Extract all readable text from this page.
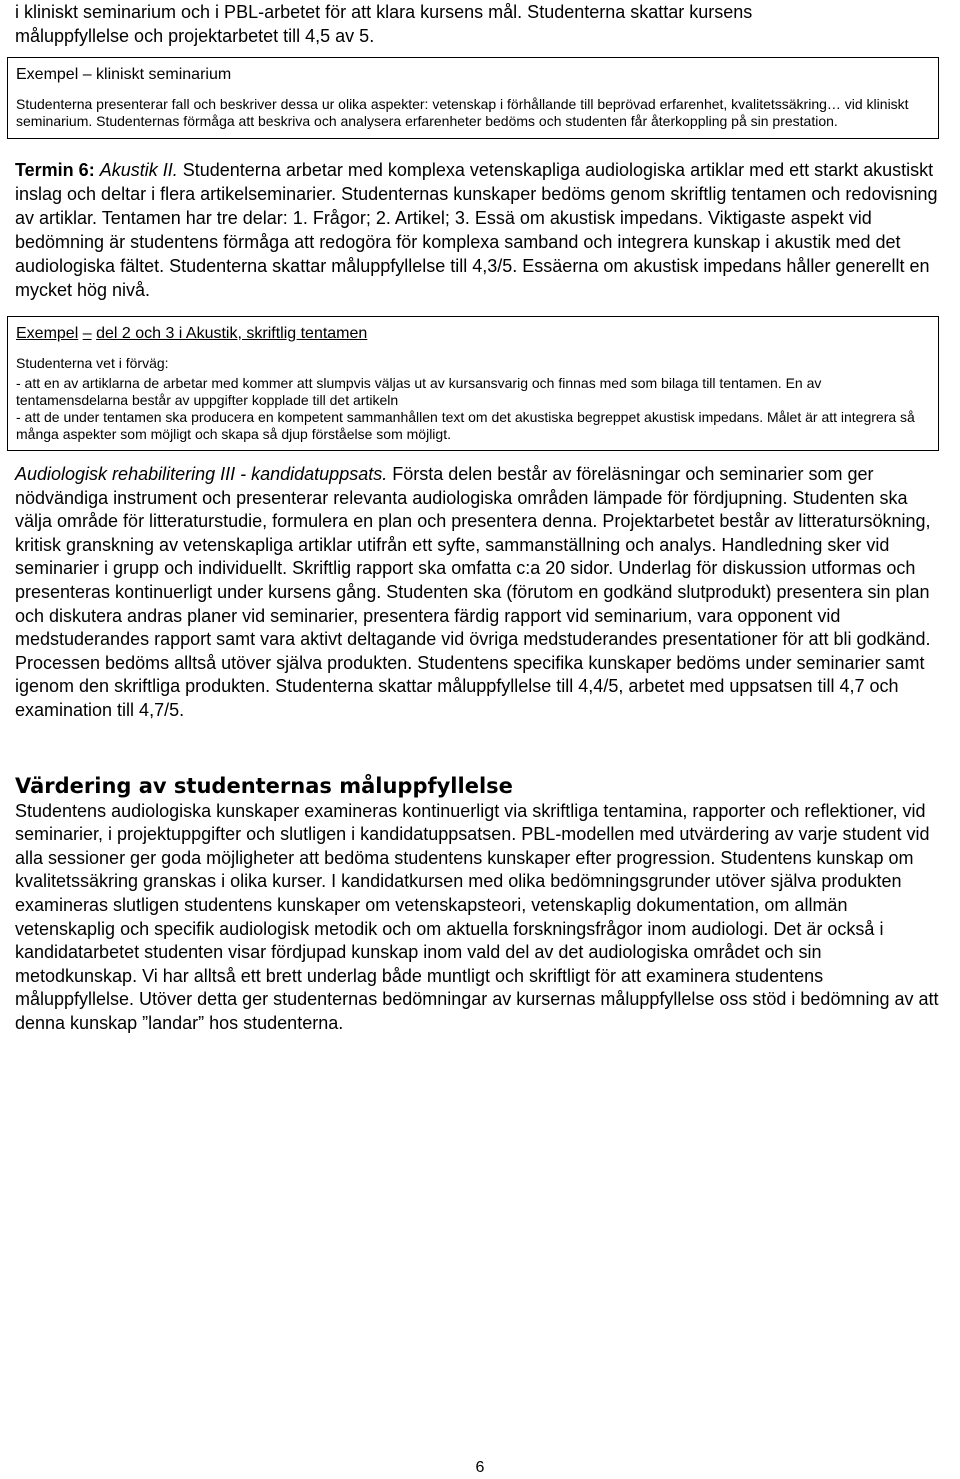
i kliniskt seminarium och i PBL-arbetet för att klara kursens mål. Studenterna skattar kursens
måluppfyllelse och projektarbetet till 4,5 av 5.

Exempel – kliniskt seminarium

Studenterna presenterar fall och beskriver dessa ur olika aspekter: vetenskap i förhållande till beprövad erfarenhet, kvalitetssäkring… vid kliniskt seminarium. Studenternas förmåga att beskriva och analysera erfarenheter bedöms och studenten får återkoppling på sin prestation.

Termin 6: Akustik II. Studenterna arbetar med komplexa vetenskapliga audiologiska artiklar med ett starkt akustiskt inslag och deltar i flera artikelseminarier. Studenternas kunskaper bedöms genom skriftlig tentamen och redovisning av artiklar. Tentamen har tre delar: 1. Frågor; 2. Artikel; 3. Essä om akustisk impedans. Viktigaste aspekt vid bedömning är studentens förmåga att redogöra för komplexa samband och integrera kunskap i akustik med det audiologiska fältet. Studenterna skattar måluppfyllelse till 4,3/5. Essäerna om akustisk impedans håller generellt en mycket hög nivå.

Exempel – del 2 och 3 i Akustik, skriftlig tentamen

Studenterna vet i förväg:

- att en av artiklarna de arbetar med kommer att slumpvis väljas ut av kursansvarig och finnas med som bilaga till tentamen. En av tentamensdelarna består av uppgifter kopplade till det artikeln

- att de under tentamen ska producera en kompetent sammanhållen text om det akustiska begreppet akustisk impedans. Målet är att integrera så många aspekter som möjligt och skapa så djup förståelse som möjligt.

Audiologisk rehabilitering III - kandidatuppsats. Första delen består av föreläsningar och seminarier som ger nödvändiga instrument och presenterar relevanta audiologiska områden lämpade för fördjupning. Studenten ska välja område för litteraturstudie, formulera en plan och presentera denna. Projektarbetet består av litteratursökning, kritisk granskning av vetenskapliga artiklar utifrån ett syfte, sammanställning och analys. Handledning sker vid seminarier i grupp och individuellt. Skriftlig rapport ska omfatta c:a 20 sidor. Underlag för diskussion utformas och presenteras kontinuerligt under kursens gång. Studenten ska (förutom en godkänd slutprodukt) presentera sin plan och diskutera andras planer vid seminarier, presentera färdig rapport vid seminarium, vara opponent vid medstuderandes rapport samt vara aktivt deltagande vid övriga medstuderandes presentationer för att bli godkänd. Processen bedöms alltså utöver själva produkten. Studentens specifika kunskaper bedöms under seminarier samt igenom den skriftliga produkten. Studenterna skattar måluppfyllelse till 4,4/5, arbetet med uppsatsen till 4,7 och examination till 4,7/5.

Värdering av studenternas måluppfyllelse

Studentens audiologiska kunskaper examineras kontinuerligt via skriftliga tentamina, rapporter och reflektioner, vid seminarier, i projektuppgifter och slutligen i kandidatuppsatsen. PBL-modellen med utvärdering av varje student vid alla sessioner ger goda möjligheter att bedöma studentens kunskaper efter progression. Studentens kunskap om kvalitetssäkring granskas i olika kurser. I kandidatkursen med olika bedömningsgrunder utöver själva produkten examineras slutligen studentens kunskaper om vetenskapsteori, vetenskaplig dokumentation, om allmän vetenskaplig och specifik audiologisk metodik och om aktuella forskningsfrågor inom audiologi. Det är också i kandidatarbetet studenten visar fördjupad kunskap inom vald del av det audiologiska området och sin metodkunskap. Vi har alltså ett brett underlag både muntligt och skriftligt för att examinera studentens måluppfyllelse. Utöver detta ger studenternas bedömningar av kursernas måluppfyllelse oss stöd i bedömning av att denna kunskap ”landar” hos studenterna.

6
